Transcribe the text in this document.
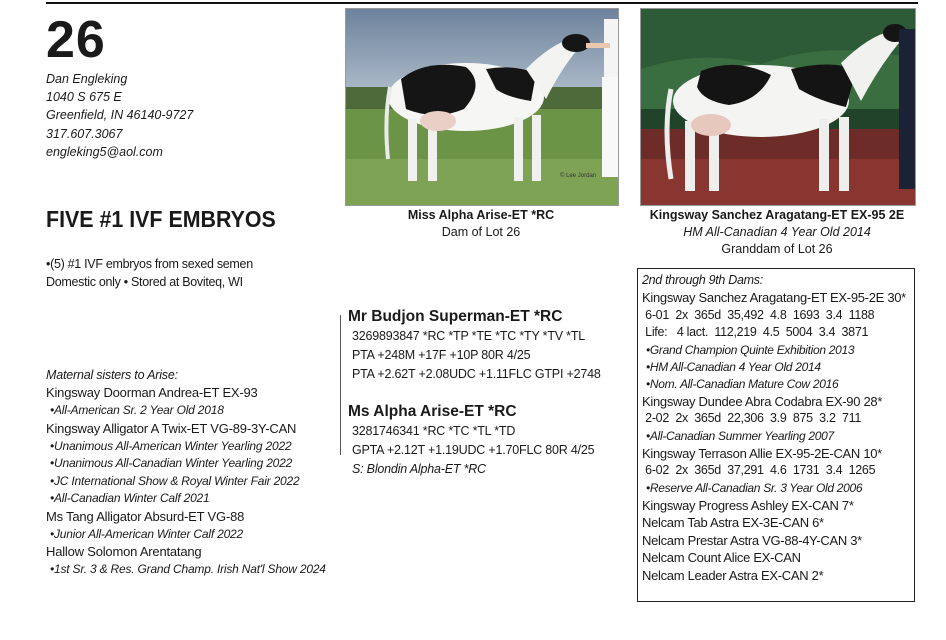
26
Dan Engleking
1040 S 675 E
Greenfield, IN 46140-9727
317.607.3067
engleking5@aol.com
FIVE #1 IVF EMBRYOS
•(5) #1 IVF embryos from sexed semen
Domestic only • Stored at Boviteq, WI
© Lee Jordan
Miss Alpha Arise-ET *RC
Dam of Lot 26
Kingsway Sanchez Aragatang-ET EX-95 2E
HM All-Canadian 4 Year Old 2014
Granddam of Lot 26
Mr Budjon Superman-ET *RC
3269893847 *RC *TP *TE *TC *TY *TV *TL
PTA +248M +17F +10P 80R 4/25
PTA +2.62T +2.08UDC +1.11FLC GTPI +2748
Ms Alpha Arise-ET *RC
3281746341 *RC *TC *TL *TD
GPTA +2.12T +1.19UDC +1.70FLC 80R 4/25
S: Blondin Alpha-ET *RC
Maternal sisters to Arise:
Kingsway Doorman Andrea-ET EX-93
•All-American Sr. 2 Year Old 2018
Kingsway Alligator A Twix-ET VG-89-3Y-CAN
•Unanimous All-American Winter Yearling 2022
•Unanimous All-Canadian Winter Yearling 2022
•JC International Show & Royal Winter Fair 2022
•All-Canadian Winter Calf 2021
Ms Tang Alligator Absurd-ET VG-88
•Junior All-American Winter Calf 2022
Hallow Solomon Arentatang
•1st Sr. 3 & Res. Grand Champ. Irish Nat'l Show 2024
2nd through 9th Dams:
Kingsway Sanchez Aragatang-ET EX-95-2E 30*
6-01  2x  365d  35,492  4.8  1693  3.4  1188
Life:   4 lact.  112,219  4.5  5004  3.4  3871
•Grand Champion Quinte Exhibition 2013
•HM All-Canadian 4 Year Old 2014
•Nom. All-Canadian Mature Cow 2016
Kingsway Dundee Abra Codabra EX-90 28*
2-02  2x  365d  22,306  3.9  875  3.2  711
•All-Canadian Summer Yearling 2007
Kingsway Terrason Allie EX-95-2E-CAN 10*
6-02  2x  365d  37,291  4.6  1731  3.4  1265
•Reserve All-Canadian Sr. 3 Year Old 2006
Kingsway Progress Ashley EX-CAN 7*
Nelcam Tab Astra EX-3E-CAN 6*
Nelcam Prestar Astra VG-88-4Y-CAN 3*
Nelcam Count Alice EX-CAN
Nelcam Leader Astra EX-CAN 2*
